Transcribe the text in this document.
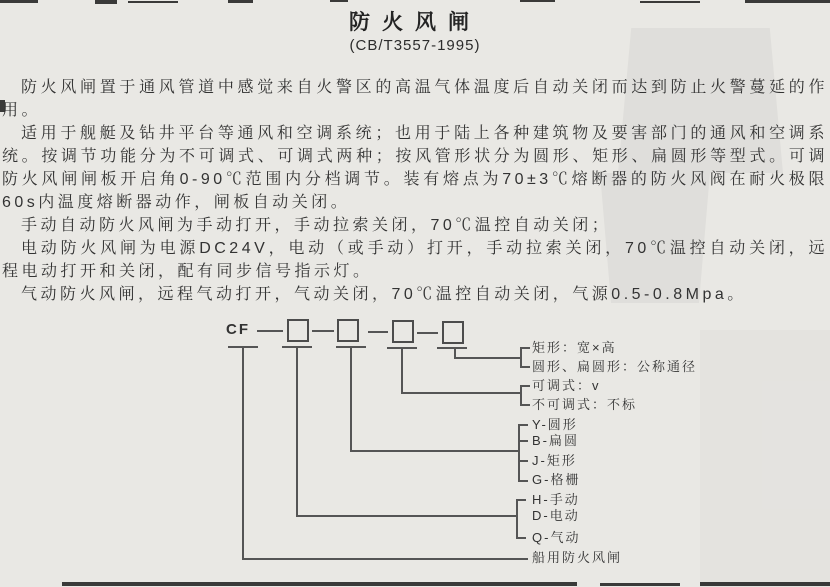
防火风闸
(CB/T3557-1995)

防火风闸置于通风管道中感觉来自火警区的高温气体温度后自动关闭而达到防止火警蔓延的作用。

适用于舰艇及钻井平台等通风和空调系统；也用于陆上各种建筑物及要害部门的通风和空调系统。按调节功能分为不可调式、可调式两种；按风管形状分为圆形、矩形、扁圆形等型式。可调防火风闸闸板开启角0-90℃范围内分档调节。装有熔点为70±3℃熔断器的防火风阀在耐火极限60s内温度熔断器动作，闸板自动关闭。

手动自动防火风闸为手动打开，手动拉索关闭，70℃温控自动关闭；

电动防火风闸为电源DC24V，电动（或手动）打开，手动拉索关闭，70℃温控自动关闭，远程电动打开和关闭，配有同步信号指示灯。

气动防火风闸，远程气动打开，气动关闭，70℃温控自动关闭，气源0.5-0.8Mpa。

CF
矩形：宽×高
圆形、扁圆形：公称通径
可调式：v
不可调式：不标
Y-圆形
B-扁圆
J-矩形
G-格栅
H-手动
D-电动
Q-气动
船用防火风闸
